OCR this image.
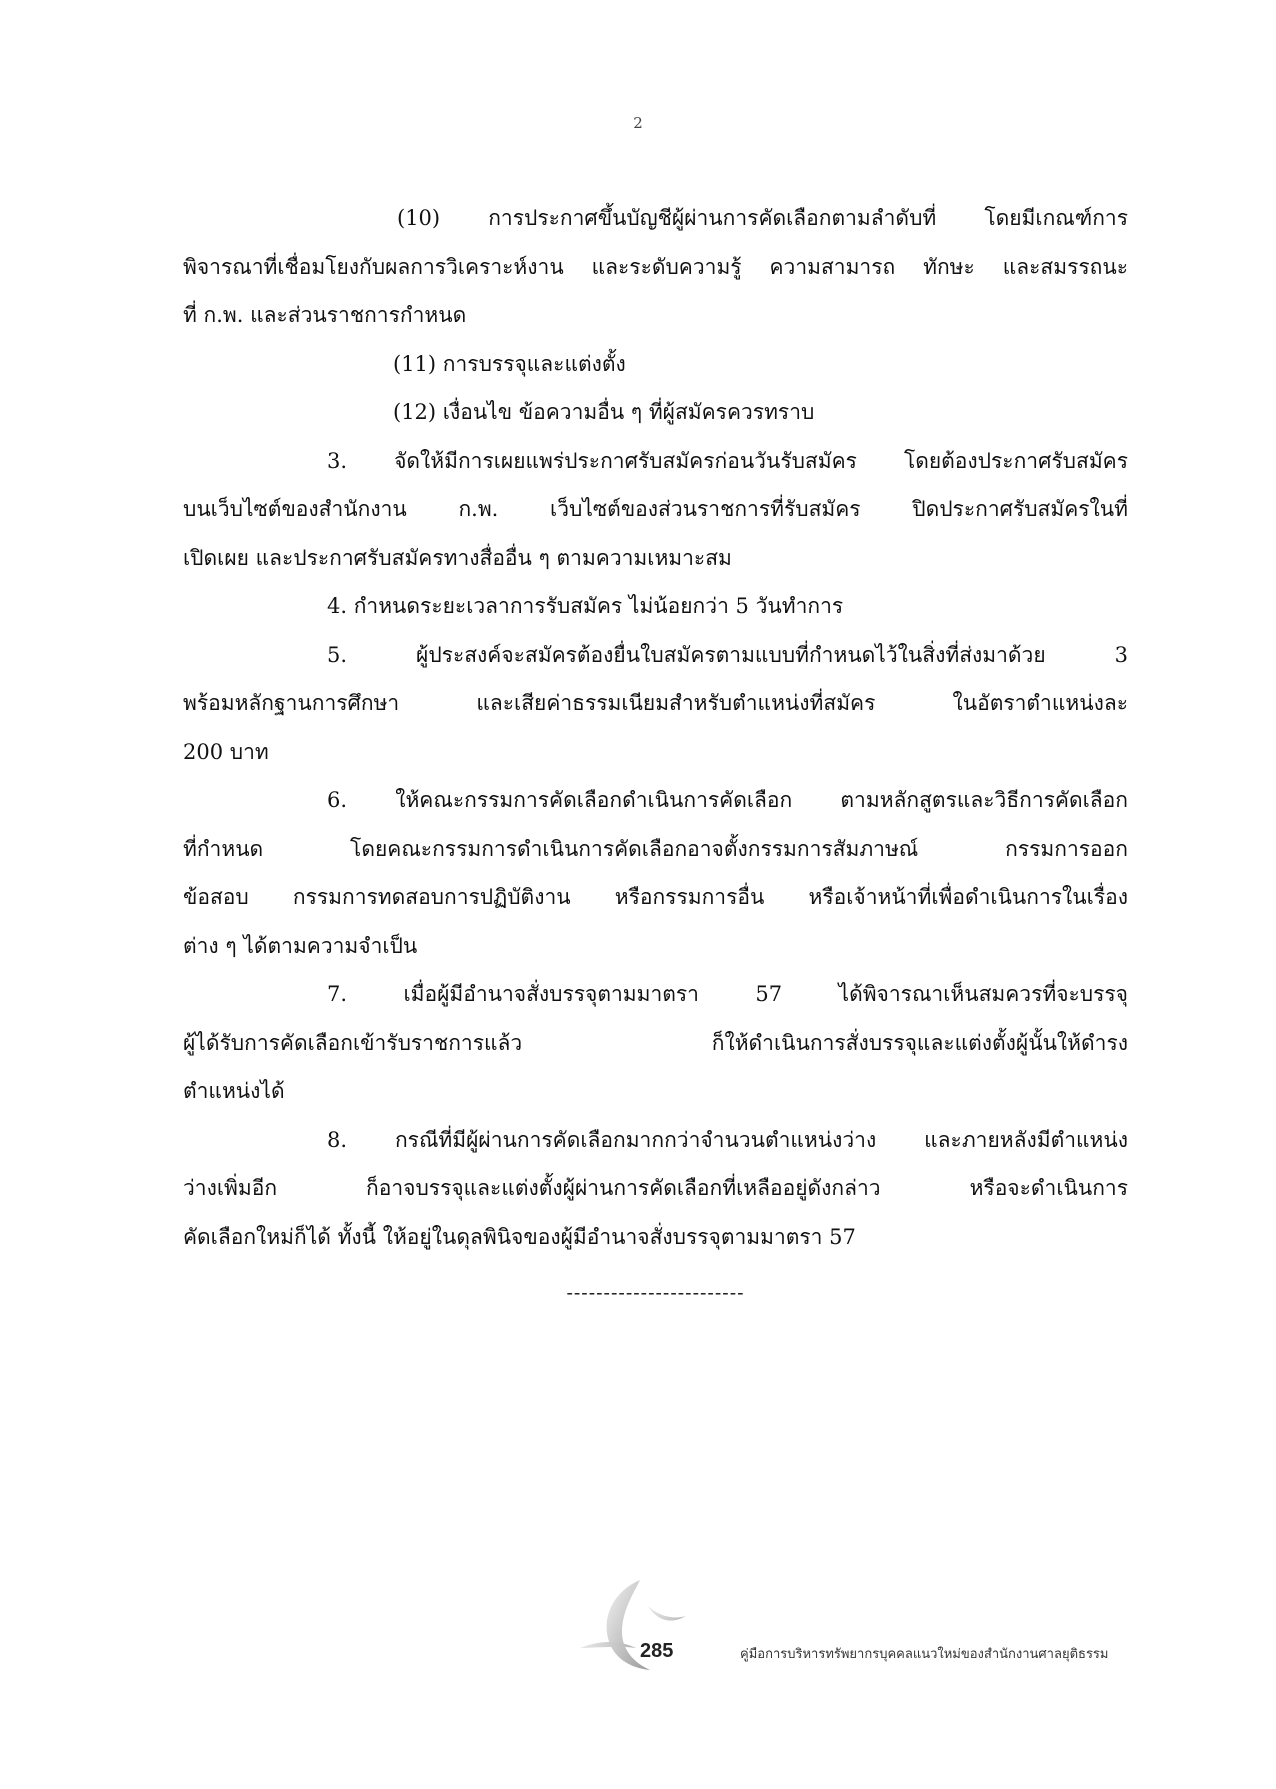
2
(10) การประกาศขึ้นบัญชีผู้ผ่านการคัดเลือกตามลำดับที่ โดยมีเกณฑ์การ
พิจารณาที่เชื่อมโยงกับผลการวิเคราะห์งาน และระดับความรู้ ความสามารถ ทักษะ และสมรรถนะ
ที่ ก.พ. และส่วนราชการกำหนด
(11) การบรรจุและแต่งตั้ง
(12) เงื่อนไข ข้อความอื่น ๆ ที่ผู้สมัครควรทราบ
3. จัดให้มีการเผยแพร่ประกาศรับสมัครก่อนวันรับสมัคร โดยต้องประกาศรับสมัคร
บนเว็บไซต์ของสำนักงาน ก.พ. เว็บไซต์ของส่วนราชการที่รับสมัคร ปิดประกาศรับสมัครในที่
เปิดเผย และประกาศรับสมัครทางสื่ออื่น ๆ ตามความเหมาะสม
4. กำหนดระยะเวลาการรับสมัคร ไม่น้อยกว่า 5 วันทำการ
5. ผู้ประสงค์จะสมัครต้องยื่นใบสมัครตามแบบที่กำหนดไว้ในสิ่งที่ส่งมาด้วย 3
พร้อมหลักฐานการศึกษา และเสียค่าธรรมเนียมสำหรับตำแหน่งที่สมัคร ในอัตราตำแหน่งละ
200 บาท
6. ให้คณะกรรมการคัดเลือกดำเนินการคัดเลือก ตามหลักสูตรและวิธีการคัดเลือก
ที่กำหนด โดยคณะกรรมการดำเนินการคัดเลือกอาจตั้งกรรมการสัมภาษณ์ กรรมการออก
ข้อสอบ กรรมการทดสอบการปฏิบัติงาน หรือกรรมการอื่น หรือเจ้าหน้าที่เพื่อดำเนินการในเรื่อง
ต่าง ๆ ได้ตามความจำเป็น
7. เมื่อผู้มีอำนาจสั่งบรรจุตามมาตรา 57 ได้พิจารณาเห็นสมควรที่จะบรรจุ
ผู้ได้รับการคัดเลือกเข้ารับราชการแล้ว ก็ให้ดำเนินการสั่งบรรจุและแต่งตั้งผู้นั้นให้ดำรง
ตำแหน่งได้
8. กรณีที่มีผู้ผ่านการคัดเลือกมากกว่าจำนวนตำแหน่งว่าง และภายหลังมีตำแหน่ง
ว่างเพิ่มอีก ก็อาจบรรจุและแต่งตั้งผู้ผ่านการคัดเลือกที่เหลืออยู่ดังกล่าว หรือจะดำเนินการ
คัดเลือกใหม่ก็ได้ ทั้งนี้ ให้อยู่ในดุลพินิจของผู้มีอำนาจสั่งบรรจุตามมาตรา 57
------------------------
285	คู่มือการบริหารทรัพยากรบุคคลแนวใหม่ของสำนักงานศาลยุติธรรม
